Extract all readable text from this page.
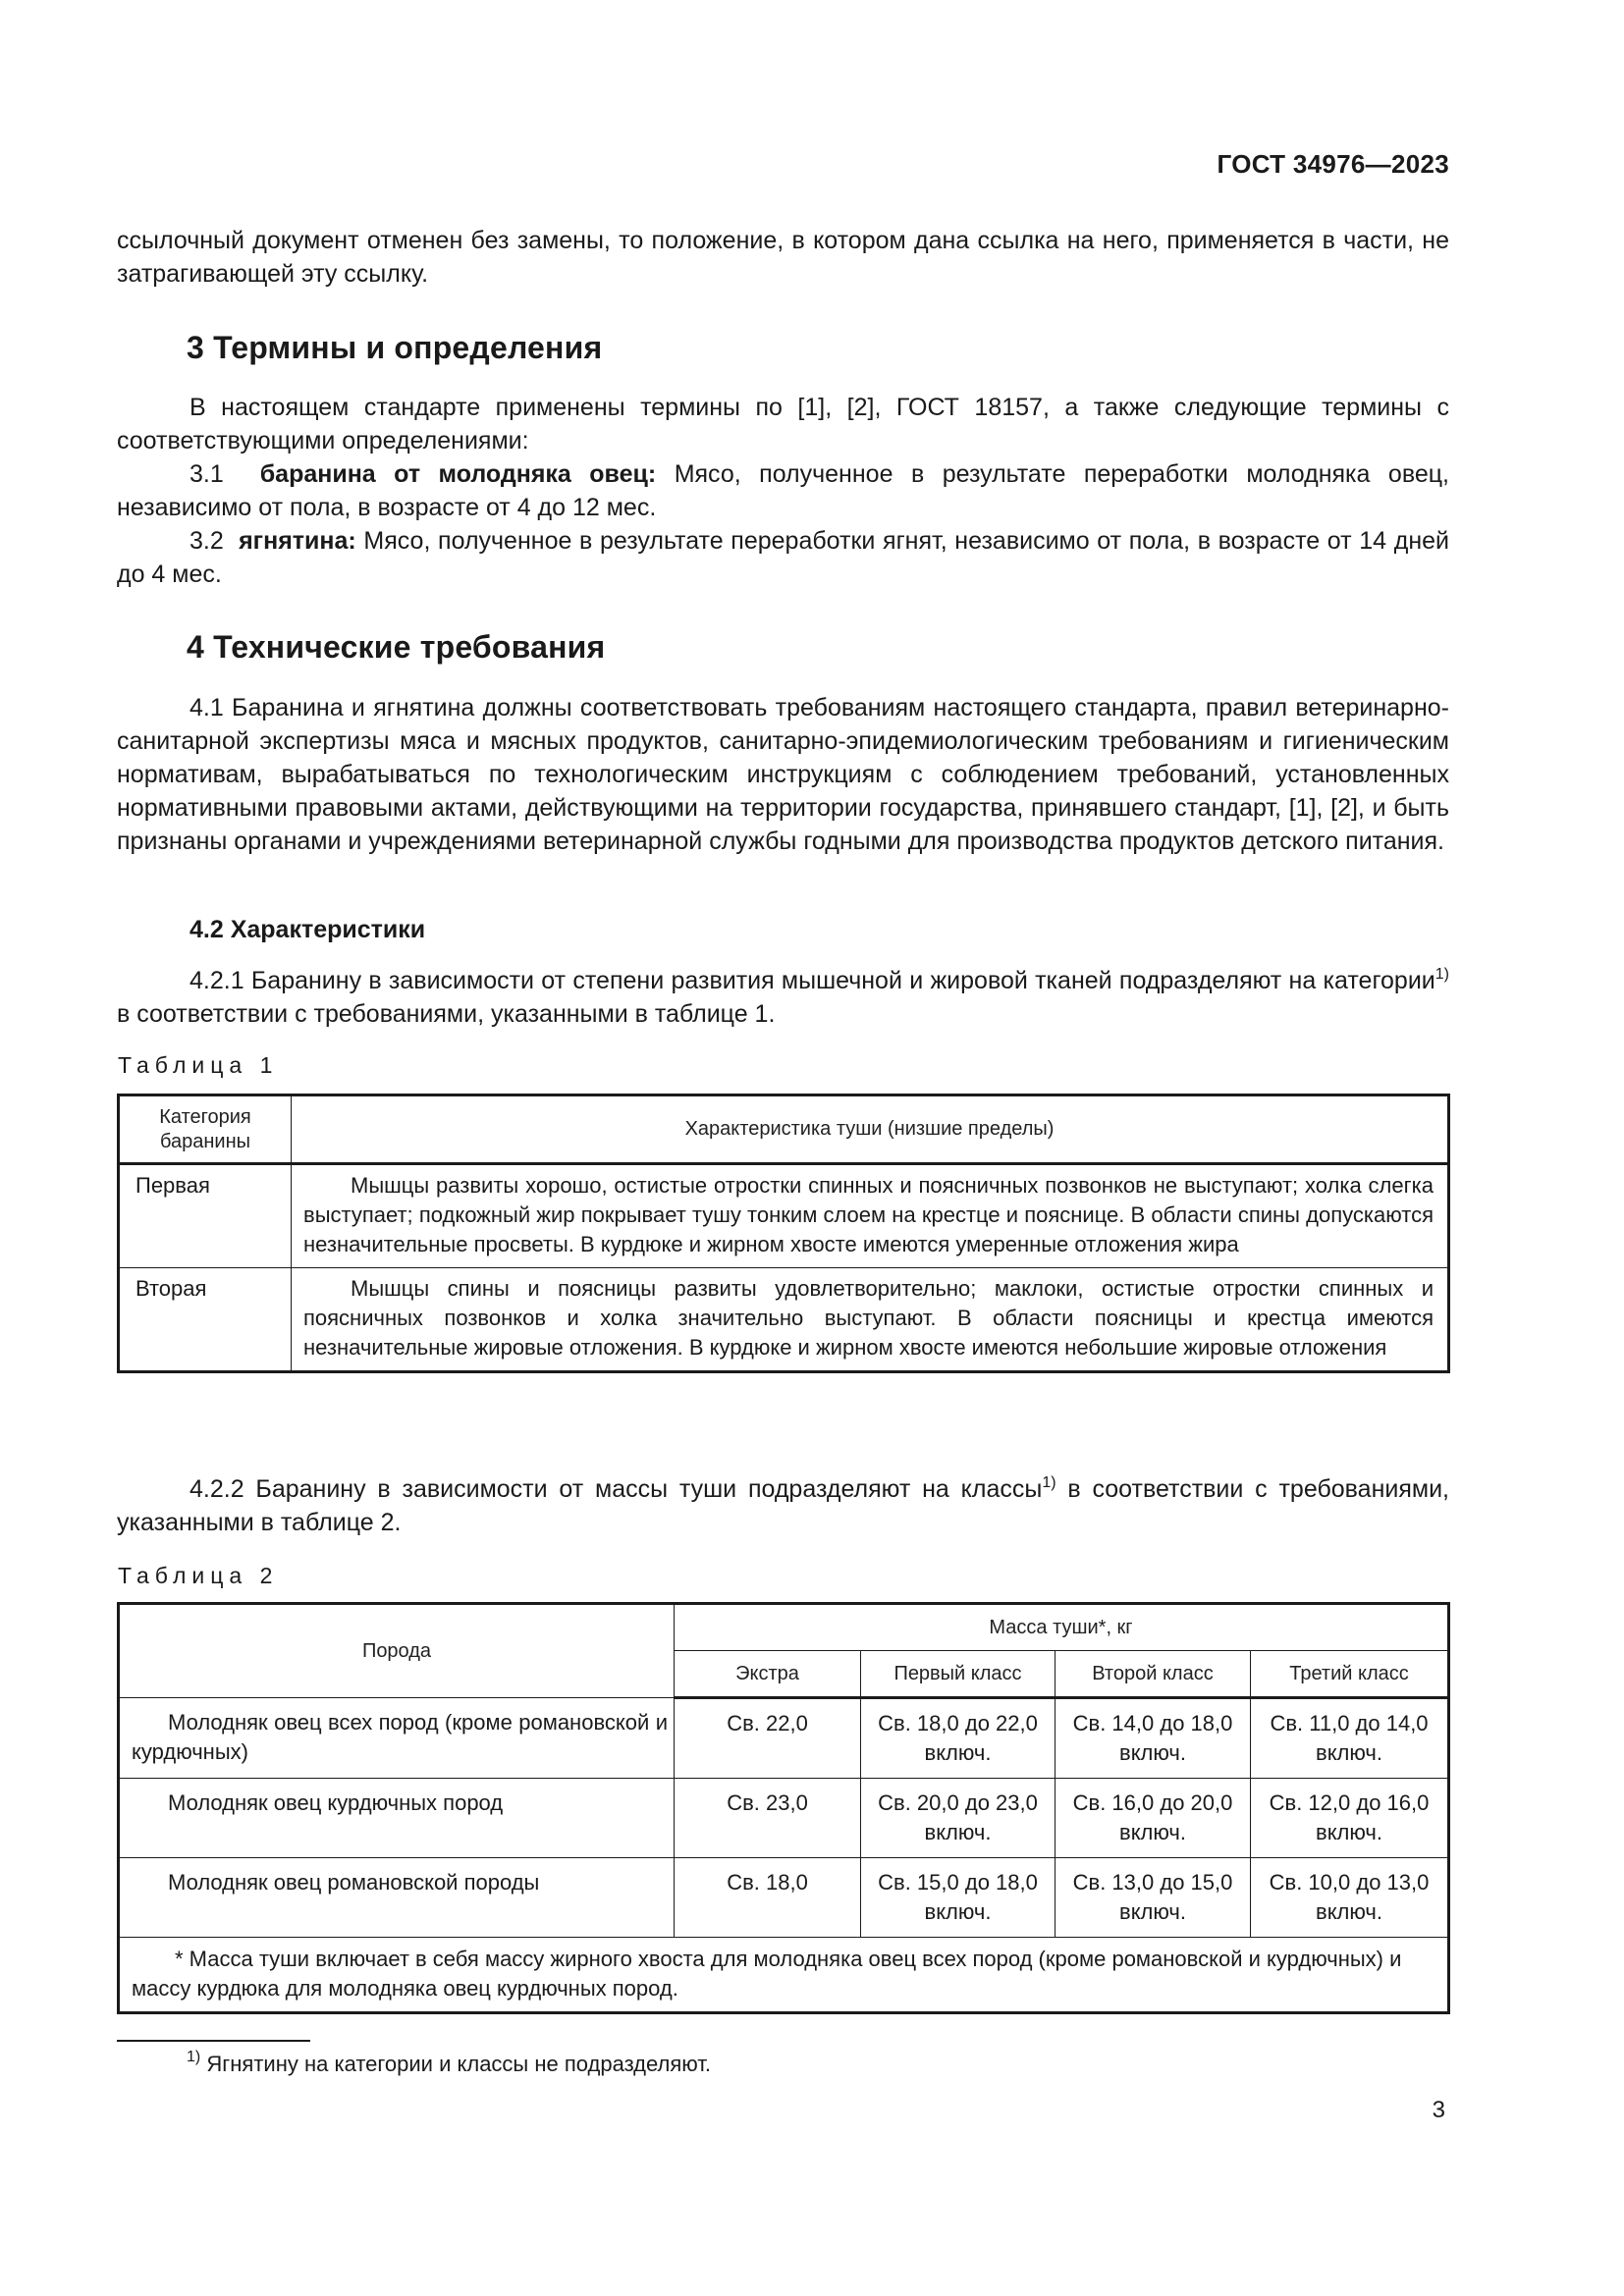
ГОСТ 34976—2023
ссылочный документ отменен без замены, то положение, в котором дана ссылка на него, применяется в части, не затрагивающей эту ссылку.
3 Термины и определения
В настоящем стандарте применены термины по [1], [2], ГОСТ 18157, а также следующие термины с соответствующими определениями:
3.1 баранина от молодняка овец: Мясо, полученное в результате переработки молодняка овец, независимо от пола, в возрасте от 4 до 12 мес.
3.2 ягнятина: Мясо, полученное в результате переработки ягнят, независимо от пола, в возрасте от 14 дней до 4 мес.
4 Технические требования
4.1 Баранина и ягнятина должны соответствовать требованиям настоящего стандарта, правил ветеринарно-санитарной экспертизы мяса и мясных продуктов, санитарно-эпидемиологическим требованиям и гигиеническим нормативам, вырабатываться по технологическим инструкциям с соблюдением требований, установленных нормативными правовыми актами, действующими на территории государства, принявшего стандарт, [1], [2], и быть признаны органами и учреждениями ветеринарной службы годными для производства продуктов детского питания.
4.2 Характеристики
4.2.1 Баранину в зависимости от степени развития мышечной и жировой тканей подразделяют на категории$^{1)}$ в соответствии с требованиями, указанными в таблице 1.
Таблица 1
Категория баранины	Характеристика туши (низшие пределы)
Первая	Мышцы развиты хорошо, остистые отростки спинных и поясничных позвонков не выступают; холка слегка выступает; подкожный жир покрывает тушу тонким слоем на крестце и пояснице. В области спины допускаются незначительные просветы. В курдюке и жирном хвосте имеются умеренные отложения жира
Вторая	Мышцы спины и поясницы развиты удовлетворительно; маклоки, остистые отростки спинных и поясничных позвонков и холка значительно выступают. В области поясницы и крестца имеются незначительные жировые отложения. В курдюке и жирном хвосте имеются небольшие жировые отложения
4.2.2 Баранину в зависимости от массы туши подразделяют на классы$^{1)}$ в соответствии с требованиями, указанными в таблице 2.
Таблица 2
Порода	Масса туши*, кг			
	Экстра	Первый класс	Второй класс	Третий класс
Молодняк овец всех пород (кроме романовской и курдючных)	Св. 22,0	Св. 18,0 до 22,0 включ.	Св. 14,0 до 18,0 включ.	Св. 11,0 до 14,0 включ.
Молодняк овец курдючных пород	Св. 23,0	Св. 20,0 до 23,0 включ.	Св. 16,0 до 20,0 включ.	Св. 12,0 до 16,0 включ.
Молодняк овец романовской породы	Св. 18,0	Св. 15,0 до 18,0 включ.	Св. 13,0 до 15,0 включ.	Св. 10,0 до 13,0 включ.
* Масса туши включает в себя массу жирного хвоста для молодняка овец всех пород (кроме романовской и курдючных) и массу курдюка для молодняка овец курдючных пород.				
$^{1)}$ Ягнятину на категории и классы не подразделяют.
3
